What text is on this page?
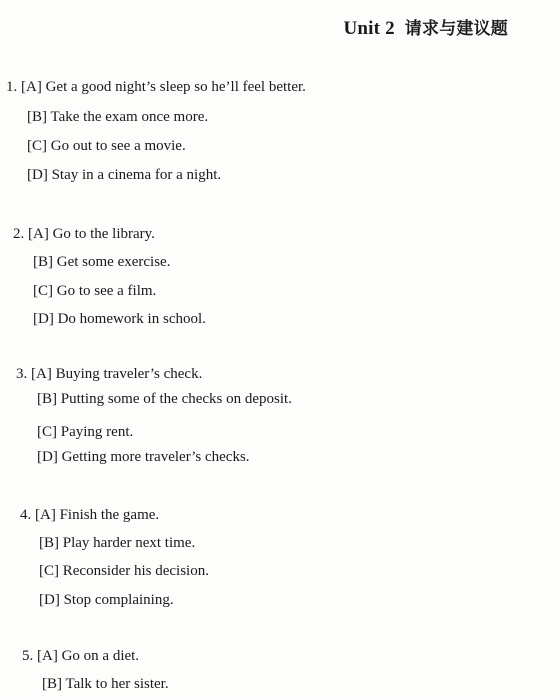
Unit 2 请求与建议题
1. [A] Get a good night’s sleep so he’ll feel better.
[B] Take the exam once more.
[C] Go out to see a movie.
[D] Stay in a cinema for a night.
2. [A] Go to the library.
[B] Get some exercise.
[C] Go to see a film.
[D] Do homework in school.
3. [A] Buying traveler’s check.
[B] Putting some of the checks on deposit.
[C] Paying rent.
[D] Getting more traveler’s checks.
4. [A] Finish the game.
[B] Play harder next time.
[C] Reconsider his decision.
[D] Stop complaining.
5. [A] Go on a diet.
[B] Talk to her sister.
